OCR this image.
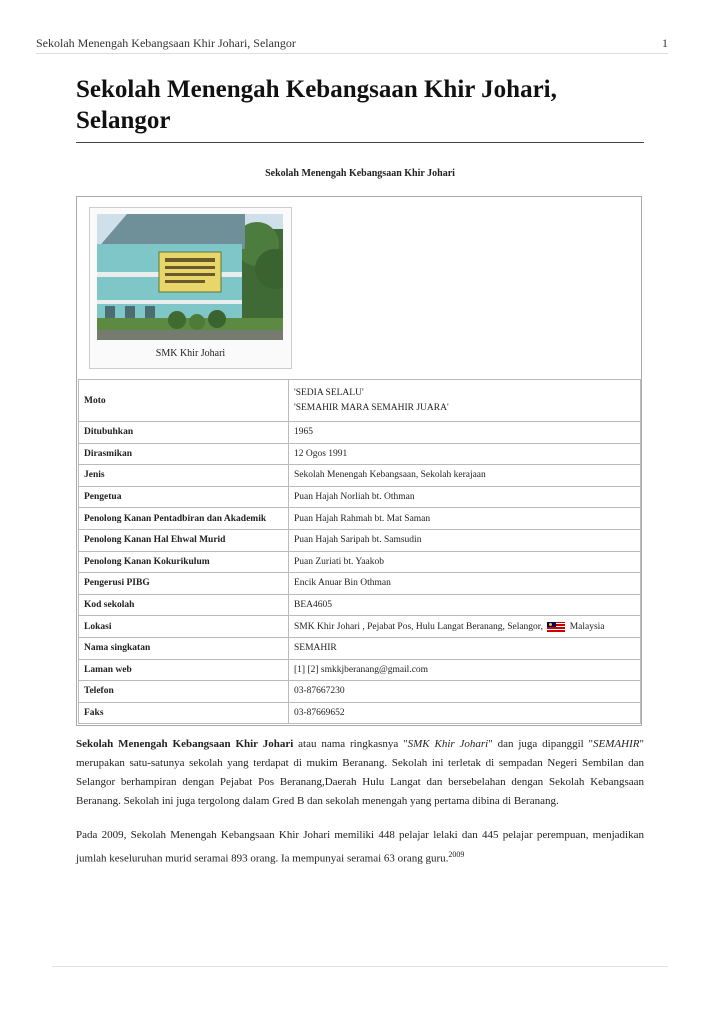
Sekolah Menengah Kebangsaan Khir Johari, Selangor	1
Sekolah Menengah Kebangsaan Khir Johari, Selangor
Sekolah Menengah Kebangsaan Khir Johari
SMK Khir Johari
Moto	'SEDIA SELALU'
'SEMAHIR MARA SEMAHIR JUARA'

Ditubuhkan	1965
Dirasmikan	12 Ogos 1991
Jenis	Sekolah Menengah Kebangsaan, Sekolah kerajaan
Pengetua	Puan Hajah Norliah bt. Othman
Penolong Kanan Pentadbiran dan Akademik	Puan Hajah Rahmah bt. Mat Saman
Penolong Kanan Hal Ehwal Murid	Puan Hajah Saripah bt. Samsudin
Penolong Kanan Kokurikulum	Puan Zuriati bt. Yaakob
Pengerusi PIBG	Encik Anuar Bin Othman
Kod sekolah	BEA4605
Lokasi	SMK Khir Johari , Pejabat Pos, Hulu Langat Beranang, Selangor, Malaysia
Nama singkatan	SEMAHIR
Laman web	[1] [2] smkkjberanang@gmail.com
Telefon	03-87667230
Faks	03-87669652
Sekolah Menengah Kebangsaan Khir Johari atau nama ringkasnya "SMK Khir Johari" dan juga dipanggil "SEMAHIR" merupakan satu-satunya sekolah yang terdapat di mukim Beranang. Sekolah ini terletak di sempadan Negeri Sembilan dan Selangor berhampiran dengan Pejabat Pos Beranang,Daerah Hulu Langat dan bersebelahan dengan Sekolah Kebangsaan Beranang. Sekolah ini juga tergolong dalam Gred B dan sekolah menengah yang pertama dibina di Beranang.
Pada 2009, Sekolah Menengah Kebangsaan Khir Johari memiliki 448 pelajar lelaki dan 445 pelajar perempuan, menjadikan jumlah keseluruhan murid seramai 893 orang. Ia mempunyai seramai 63 orang guru.$^{2009}$
